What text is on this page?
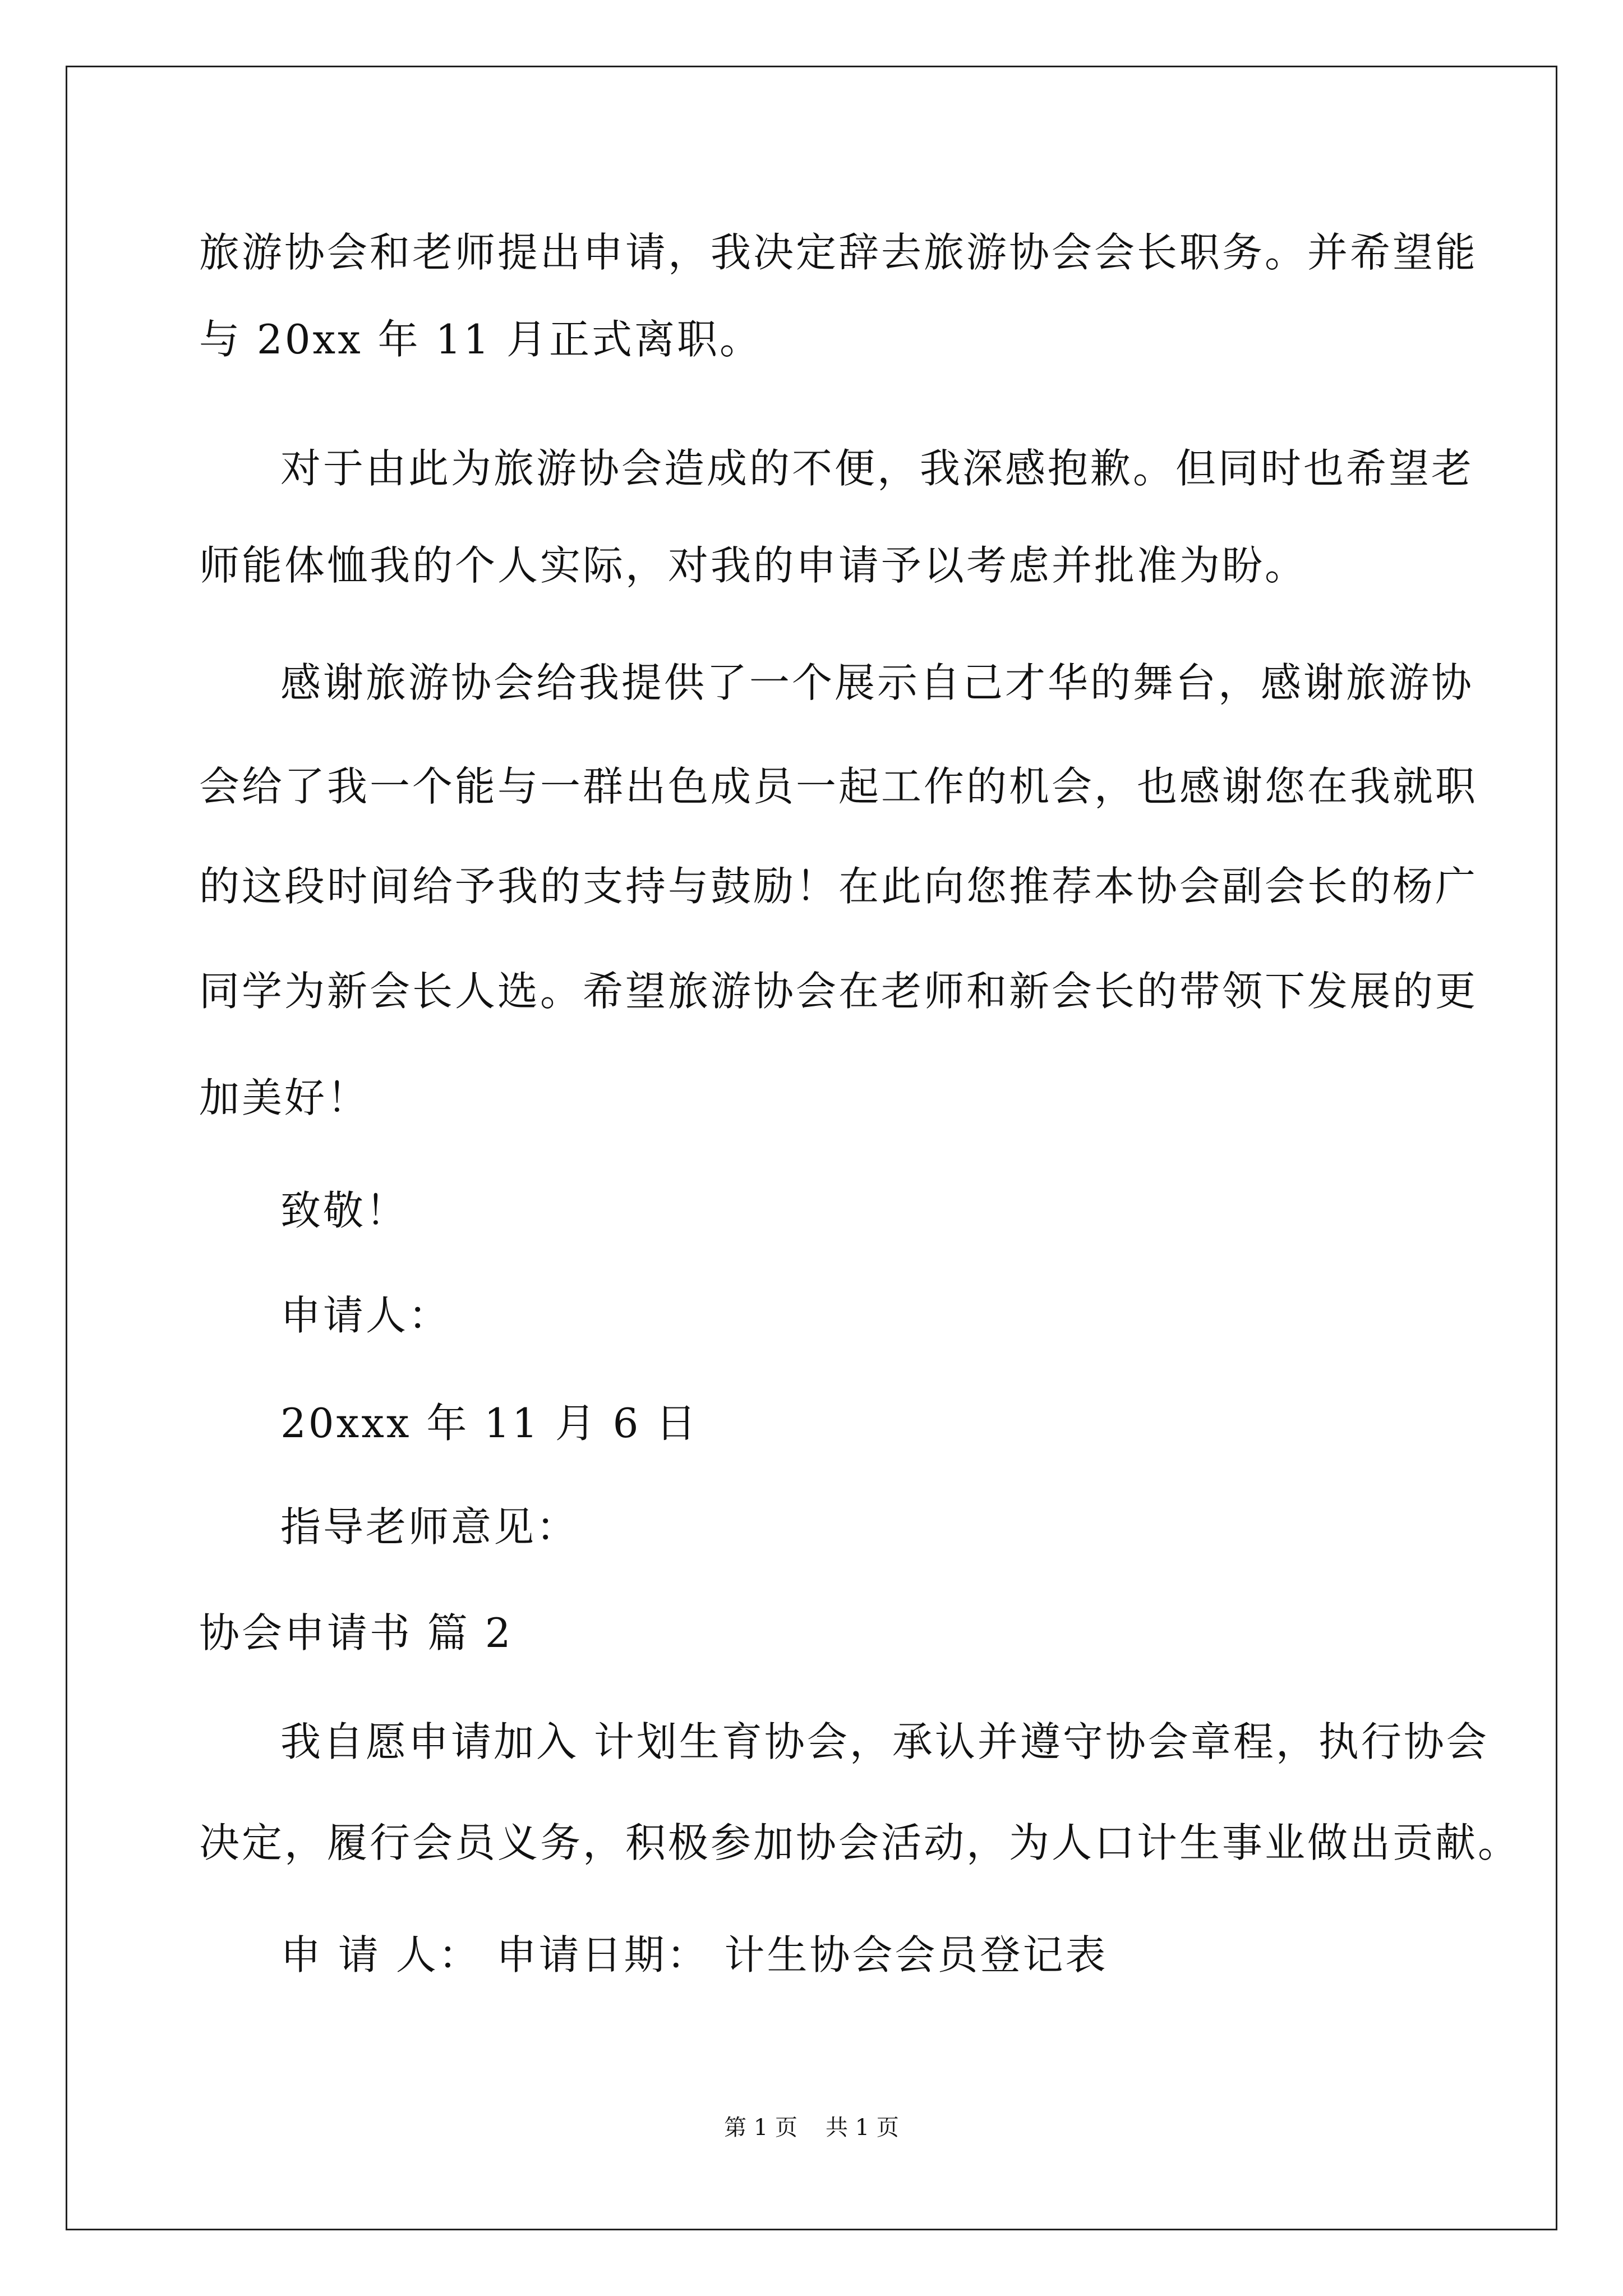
旅游协会和老师提出申请，我决定辞去旅游协会会长职务。并希望能
与 20xx 年 11 月正式离职。
对于由此为旅游协会造成的不便，我深感抱歉。但同时也希望老
师能体恤我的个人实际，对我的申请予以考虑并批准为盼。
感谢旅游协会给我提供了一个展示自己才华的舞台，感谢旅游协
会给了我一个能与一群出色成员一起工作的机会，也感谢您在我就职
的这段时间给予我的支持与鼓励！在此向您推荐本协会副会长的杨广
同学为新会长人选。希望旅游协会在老师和新会长的带领下发展的更
加美好！
致敬！
申请人：
20xxx 年 11 月 6 日
指导老师意见：
协会申请书 篇 2
我自愿申请加入 计划生育协会，承认并遵守协会章程，执行协会
决定，履行会员义务，积极参加协会活动，为人口计生事业做出贡献。
申 请 人： 申请日期： 计生协会会员登记表
第 1 页 共 1 页
